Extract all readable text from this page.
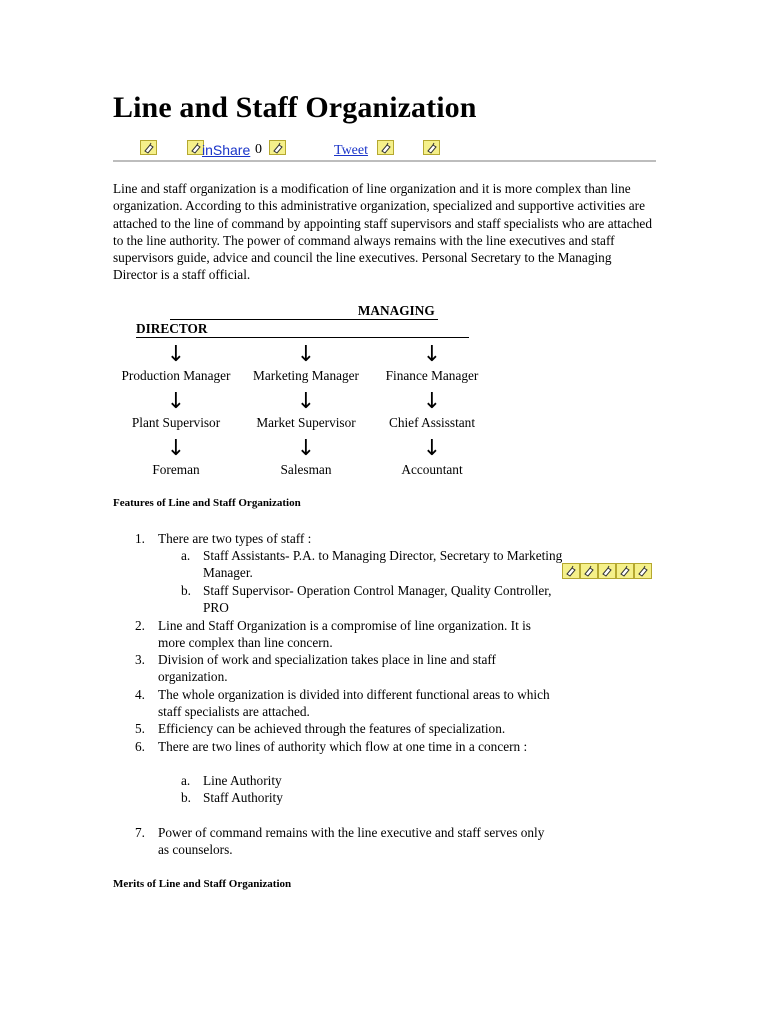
Line and Staff Organization
inShare 0	Tweet

Line and staff organization is a modification of line organization and it is more complex than line organization. According to this administrative organization, specialized and supportive activities are attached to the line of command by appointing staff supervisors and staff specialists who are attached to the line authority. The power of command always remains with the line executives and staff supervisors guide, advice and council the line executives. Personal Secretary to the Managing Director is a staff official.

MANAGING
DIRECTOR
↓	↓	↓
Production Manager	Marketing Manager	Finance Manager
↓	↓	↓
Plant Supervisor	Market Supervisor	Chief Assisstant
↓	↓	↓
Foreman	Salesman	Accountant
Features of Line and Staff Organization
1. There are two types of staff :
a. Staff Assistants- P.A. to Managing Director, Secretary to Marketing Manager.
b. Staff Supervisor- Operation Control Manager, Quality Controller, PRO
2. Line and Staff Organization is a compromise of line organization. It is more complex than line concern.
3. Division of work and specialization takes place in line and staff organization.
4. The whole organization is divided into different functional areas to which staff specialists are attached.
5. Efficiency can be achieved through the features of specialization.
6. There are two lines of authority which flow at one time in a concern :
a. Line Authority
b. Staff Authority
7. Power of command remains with the line executive and staff serves only as counselors.
Merits of Line and Staff Organization
